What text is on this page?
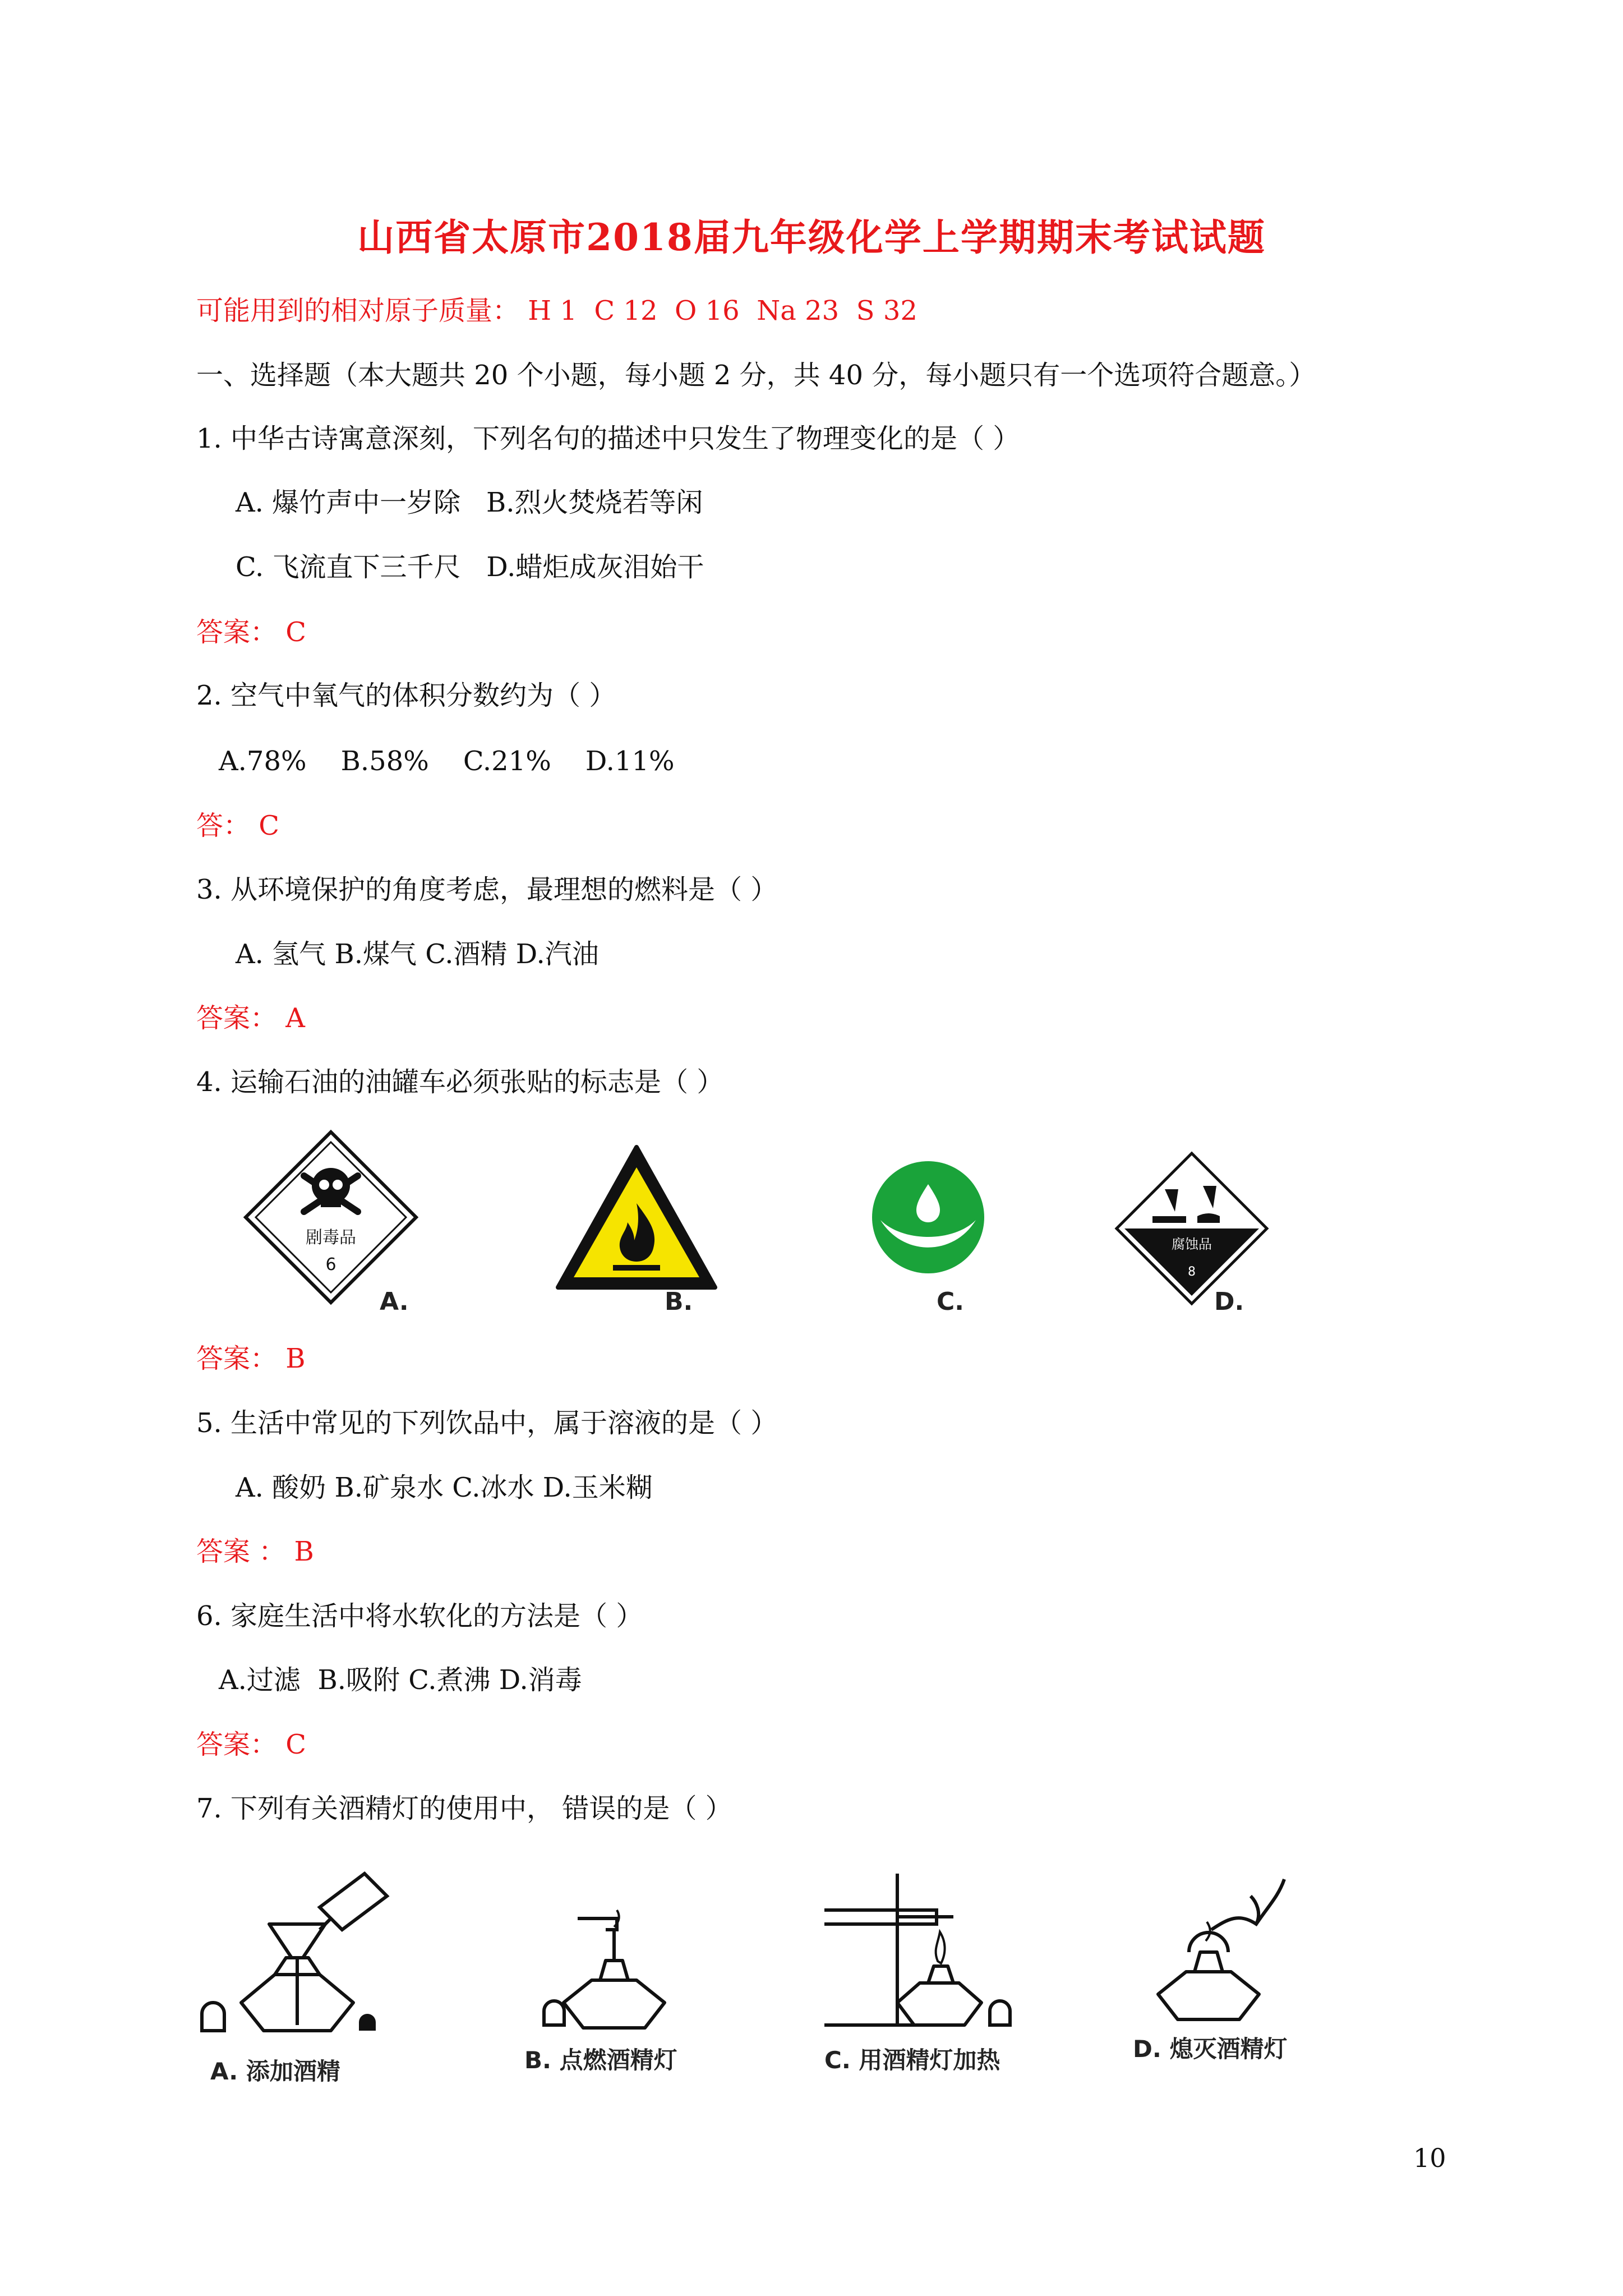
山西省太原市2018届九年级化学上学期期末考试试题
可能用到的相对原子质量： H 1  C 12  O 16  Na 23  S 32
一、选择题（本大题共 20 个小题，每小题 2 分，共 40 分，每小题只有一个选项符合题意。）
1. 中华古诗寓意深刻，下列名句的描述中只发生了物理变化的是（ ）
A. 爆竹声中一岁除   B.烈火焚烧若等闲
C. 飞流直下三千尺   D.蜡炬成灰泪始干
答案： C
2. 空气中氧气的体积分数约为（ ）
A.78%    B.58%    C.21%    D.11%
答： C
3. 从环境保护的角度考虑，最理想的燃料是（ ）
A. 氢气 B.煤气 C.酒精 D.汽油
答案： A
4. 运输石油的油罐车必须张贴的标志是（ ）
剧毒品
6
腐蚀品
8
A.	B.	C.	D.
答案： B
5. 生活中常见的下列饮品中，属于溶液的是（ ）
A. 酸奶 B.矿泉水 C.冰水 D.玉米糊
答案 ： B
6. 家庭生活中将水软化的方法是（ ）
A.过滤  B.吸附 C.煮沸 D.消毒
答案： C
7. 下列有关酒精灯的使用中， 错误的是（ ）
A. 添加酒精	B. 点燃酒精灯	C. 用酒精灯加热	D. 熄灭酒精灯
10
